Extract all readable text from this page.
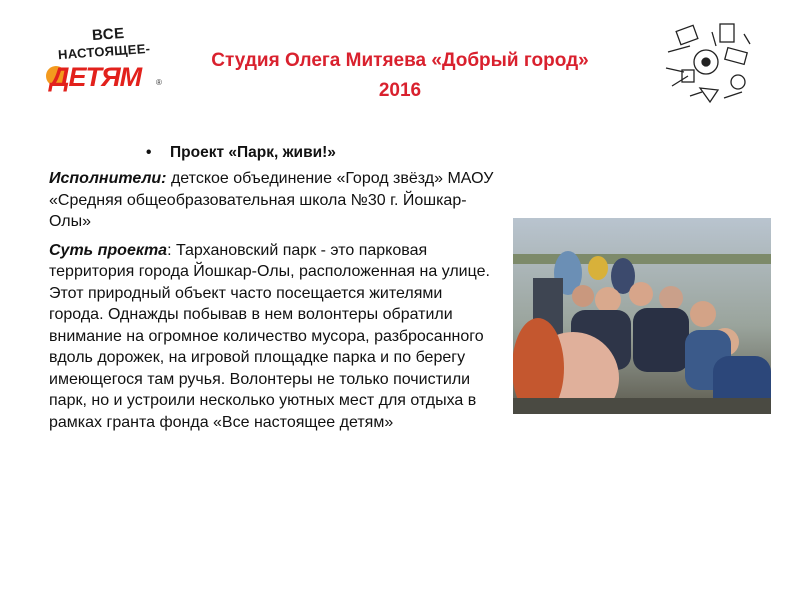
ВСЕ
НАСТОЯЩЕЕ-
ДЕТЯМ ®
Студия Олега Митяева «Добрый город»
2016
• Проект «Парк, живи!»

Исполнители: детское объединение «Город звёзд» МАОУ «Средняя общеобразовательная школа №30 г. Йошкар-Олы»

Суть проекта: Тархановский парк - это парковая территория города Йошкар-Олы, расположенная на улице. Этот природный объект часто посещается жителями города. Однажды побывав в нем волонтеры обратили внимание на огромное количество мусора, разбросанного вдоль дорожек, на игровой площадке парка и по берегу имеющегося там ручья. Волонтеры не только почистили парк, но и устроили несколько уютных мест для отдыха в рамках гранта фонда «Все настоящее детям»
